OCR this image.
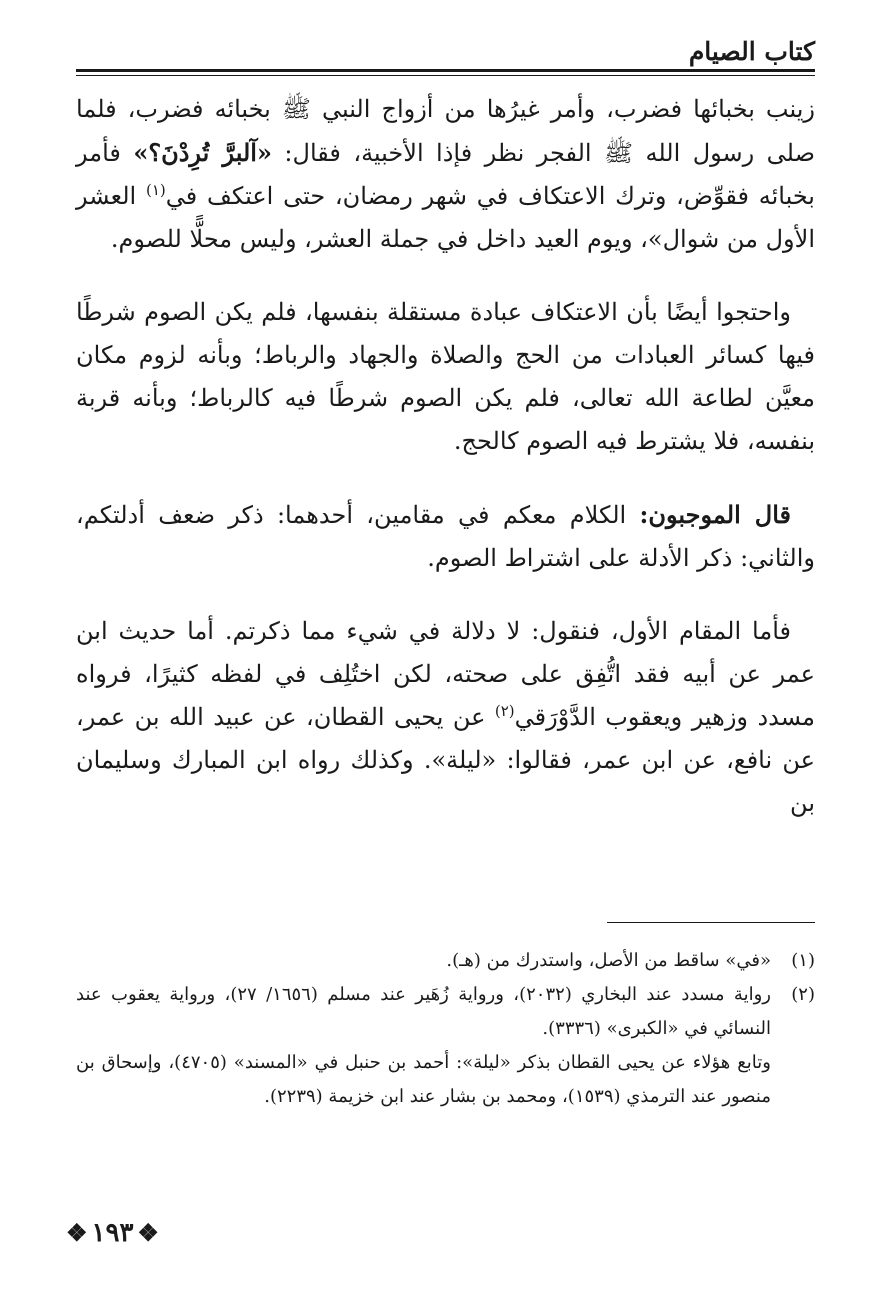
كتاب الصيام

زينب بخبائها فضرب، وأمر غيرُها من أزواج النبي ﷺ بخبائه فضرب، فلما صلى رسول الله ﷺ الفجر نظر فإذا الأخبية، فقال: «آلبرَّ تُرِدْنَ؟» فأمر بخبائه فقوِّض، وترك الاعتكاف في شهر رمضان، حتى اعتكف في$^{(١)}$ العشر الأول من شوال»، ويوم العيد داخل في جملة العشر، وليس محلًّا للصوم.

واحتجوا أيضًا بأن الاعتكاف عبادة مستقلة بنفسها، فلم يكن الصوم شرطًا فيها كسائر العبادات من الحج والصلاة والجهاد والرباط؛ وبأنه لزوم مكان معيَّن لطاعة الله تعالى، فلم يكن الصوم شرطًا فيه كالرباط؛ وبأنه قربة بنفسه، فلا يشترط فيه الصوم كالحج.

قال الموجبون: الكلام معكم في مقامين، أحدهما: ذكر ضعف أدلتكم، والثاني: ذكر الأدلة على اشتراط الصوم.

فأما المقام الأول، فنقول: لا دلالة في شيء مما ذكرتم. أما حديث ابن عمر عن أبيه فقد اتُّفِق على صحته، لكن اختُلِف في لفظه كثيرًا، فرواه مسدد وزهير ويعقوب الدَّوْرَقي$^{(٢)}$ عن يحيى القطان، عن عبيد الله بن عمر، عن نافع، عن ابن عمر، فقالوا: «ليلة». وكذلك رواه ابن المبارك وسليمان بن

(١)
«في» ساقط من الأصل، واستدرك من (هـ).
(٢)
رواية مسدد عند البخاري (٢٠٣٢)، ورواية زُهَير عند مسلم (١٦٥٦/ ٢٧)، ورواية يعقوب عند النسائي في «الكبرى» (٣٣٣٦).
وتابع هؤلاء عن يحيى القطان بذكر «ليلة»: أحمد بن حنبل في «المسند» (٤٧٠٥)، وإسحاق بن منصور عند الترمذي (١٥٣٩)، ومحمد بن بشار عند ابن خزيمة (٢٢٣٩).
❖ ١٩٣ ❖
